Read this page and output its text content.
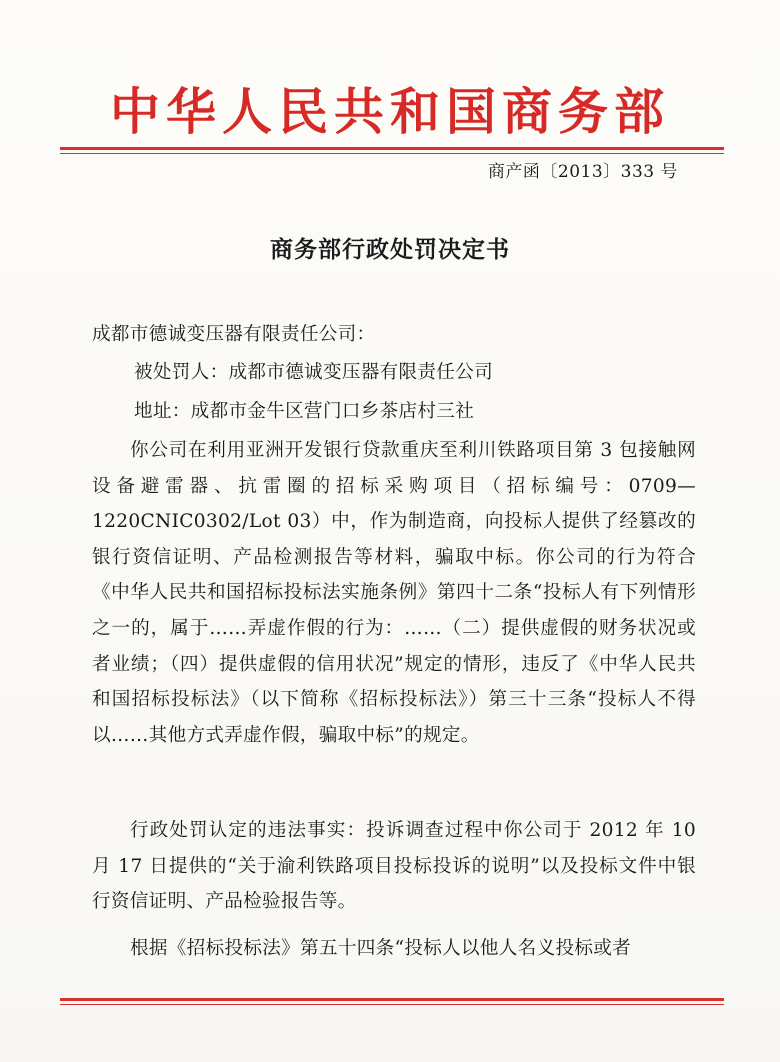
中华人民共和国商务部
商产函〔2013〕333 号
商务部行政处罚决定书
成都市德诚变压器有限责任公司：
被处罚人：成都市德诚变压器有限责任公司
地址：成都市金牛区营门口乡茶店村三社
你公司在利用亚洲开发银行贷款重庆至利川铁路项目第 3 包接触网设备避雷器、抗雷圈的招标采购项目（招标编号：0709—1220CNIC0302/Lot 03）中，作为制造商，向投标人提供了经篡改的银行资信证明、产品检测报告等材料，骗取中标。你公司的行为符合《中华人民共和国招标投标法实施条例》第四十二条“投标人有下列情形之一的，属于……弄虚作假的行为：……（二）提供虚假的财务状况或者业绩；（四）提供虚假的信用状况”规定的情形，违反了《中华人民共和国招标投标法》（以下简称《招标投标法》）第三十三条“投标人不得以……其他方式弄虚作假，骗取中标”的规定。
行政处罚认定的违法事实：投诉调查过程中你公司于 2012 年 10 月 17 日提供的“关于渝利铁路项目投标投诉的说明”以及投标文件中银行资信证明、产品检验报告等。
根据《招标投标法》第五十四条“投标人以他人名义投标或者
